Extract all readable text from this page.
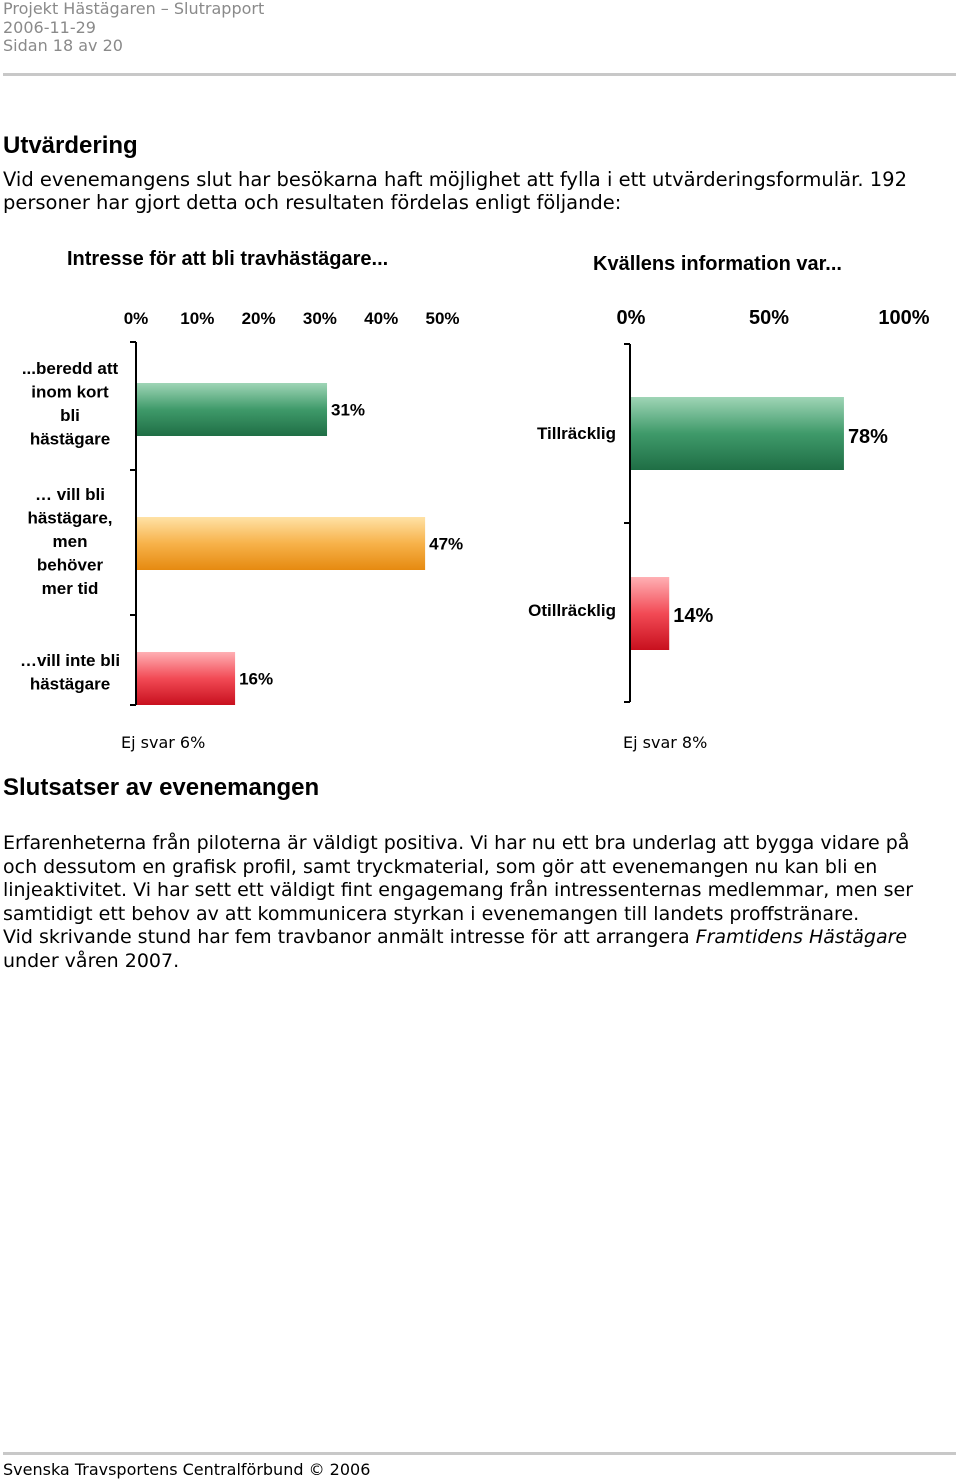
Projekt Hästägaren – Slutrapport
2006-11-29
Sidan 18 av 20
Utvärdering
Vid evenemangens slut har besökarna haft möjlighet att fylla i ett utvärderingsformulär. 192 personer har gjort detta och resultaten fördelas enligt följande:
Intresse för att bli travhästägare...
0% 10% 20% 30% 40% 50%
31%
...beredd att
inom kort
bli
hästägare
47%
… vill bli
hästägare,
men
behöver
mer tid
16%
…vill inte bli
hästägare
Ej svar 6%
Kvällens information var...
0%	50%	100%
78%
Tillräcklig
14%
Otillräcklig
Ej svar 8%
Slutsatser av evenemangen

Erfarenheterna från piloterna är väldigt positiva. Vi har nu ett bra underlag att bygga vidare på och dessutom en grafisk profil, samt tryckmaterial, som gör att evenemangen nu kan bli en linjeaktivitet. Vi har sett ett väldigt fint engagemang från intressenternas medlemmar, men ser samtidigt ett behov av att kommunicera styrkan i evenemangen till landets proffstränare.

Vid skrivande stund har fem travbanor anmält intresse för att arrangera Framtidens Hästägare under våren 2007.

Svenska Travsportens Centralförbund © 2006
